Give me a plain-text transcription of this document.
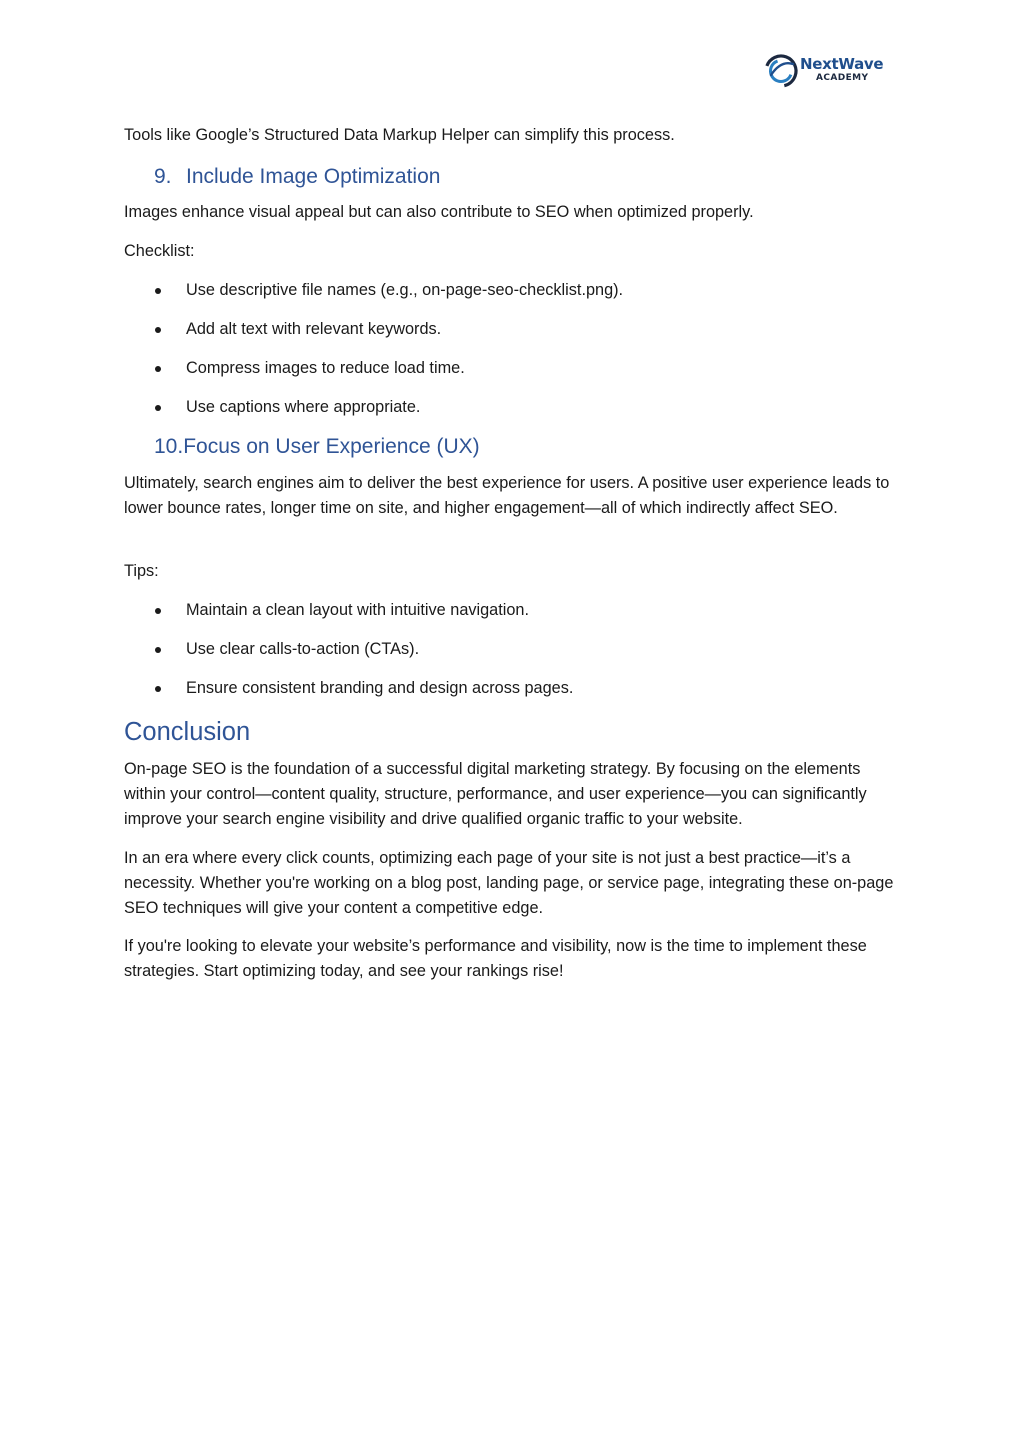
NextWave
ACADEMY
Tools like Google’s Structured Data Markup Helper can simplify this process.
9. Include Image Optimization
Images enhance visual appeal but can also contribute to SEO when optimized properly.
Checklist:
Use descriptive file names (e.g., on-page-seo-checklist.png).
Add alt text with relevant keywords.
Compress images to reduce load time.
Use captions where appropriate.
10.Focus on User Experience (UX)
Ultimately, search engines aim to deliver the best experience for users. A positive user experience leads to lower bounce rates, longer time on site, and higher engagement—all of which indirectly affect SEO.
Tips:
Maintain a clean layout with intuitive navigation.
Use clear calls-to-action (CTAs).
Ensure consistent branding and design across pages.
Conclusion
On-page SEO is the foundation of a successful digital marketing strategy. By focusing on the elements within your control—content quality, structure, performance, and user experience—you can significantly improve your search engine visibility and drive qualified organic traffic to your website.
In an era where every click counts, optimizing each page of your site is not just a best practice—it’s a necessity. Whether you're working on a blog post, landing page, or service page, integrating these on-page SEO techniques will give your content a competitive edge.
If you're looking to elevate your website’s performance and visibility, now is the time to implement these strategies. Start optimizing today, and see your rankings rise!
